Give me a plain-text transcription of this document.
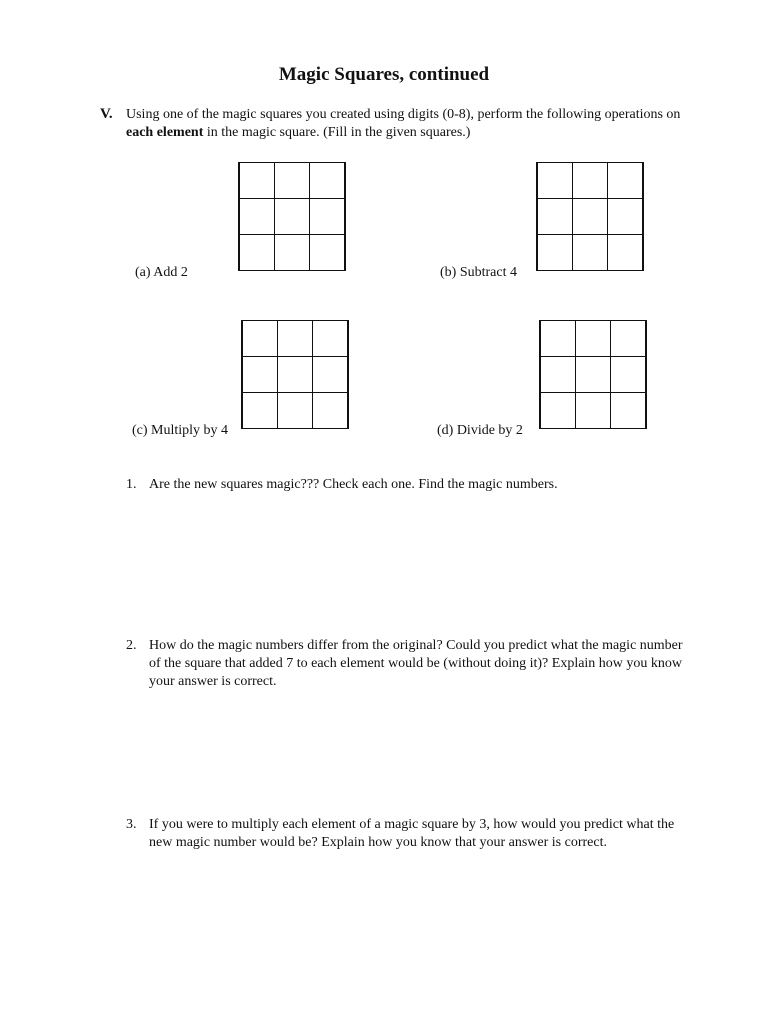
Magic Squares, continued
V. Using one of the magic squares you created using digits (0-8), perform the following operations on each element in the magic square. (Fill in the given squares.)

(a) Add 2

			(b) Subtract 4

(c) Multiply by 4

			(d) Divide by 2
1. Are the new squares magic??? Check each one. Find the magic numbers.
2. How do the magic numbers differ from the original? Could you predict what the magic number of the square that added 7 to each element would be (without doing it)? Explain how you know your answer is correct.
3. If you were to multiply each element of a magic square by 3, how would you predict what the new magic number would be? Explain how you know that your answer is correct.
